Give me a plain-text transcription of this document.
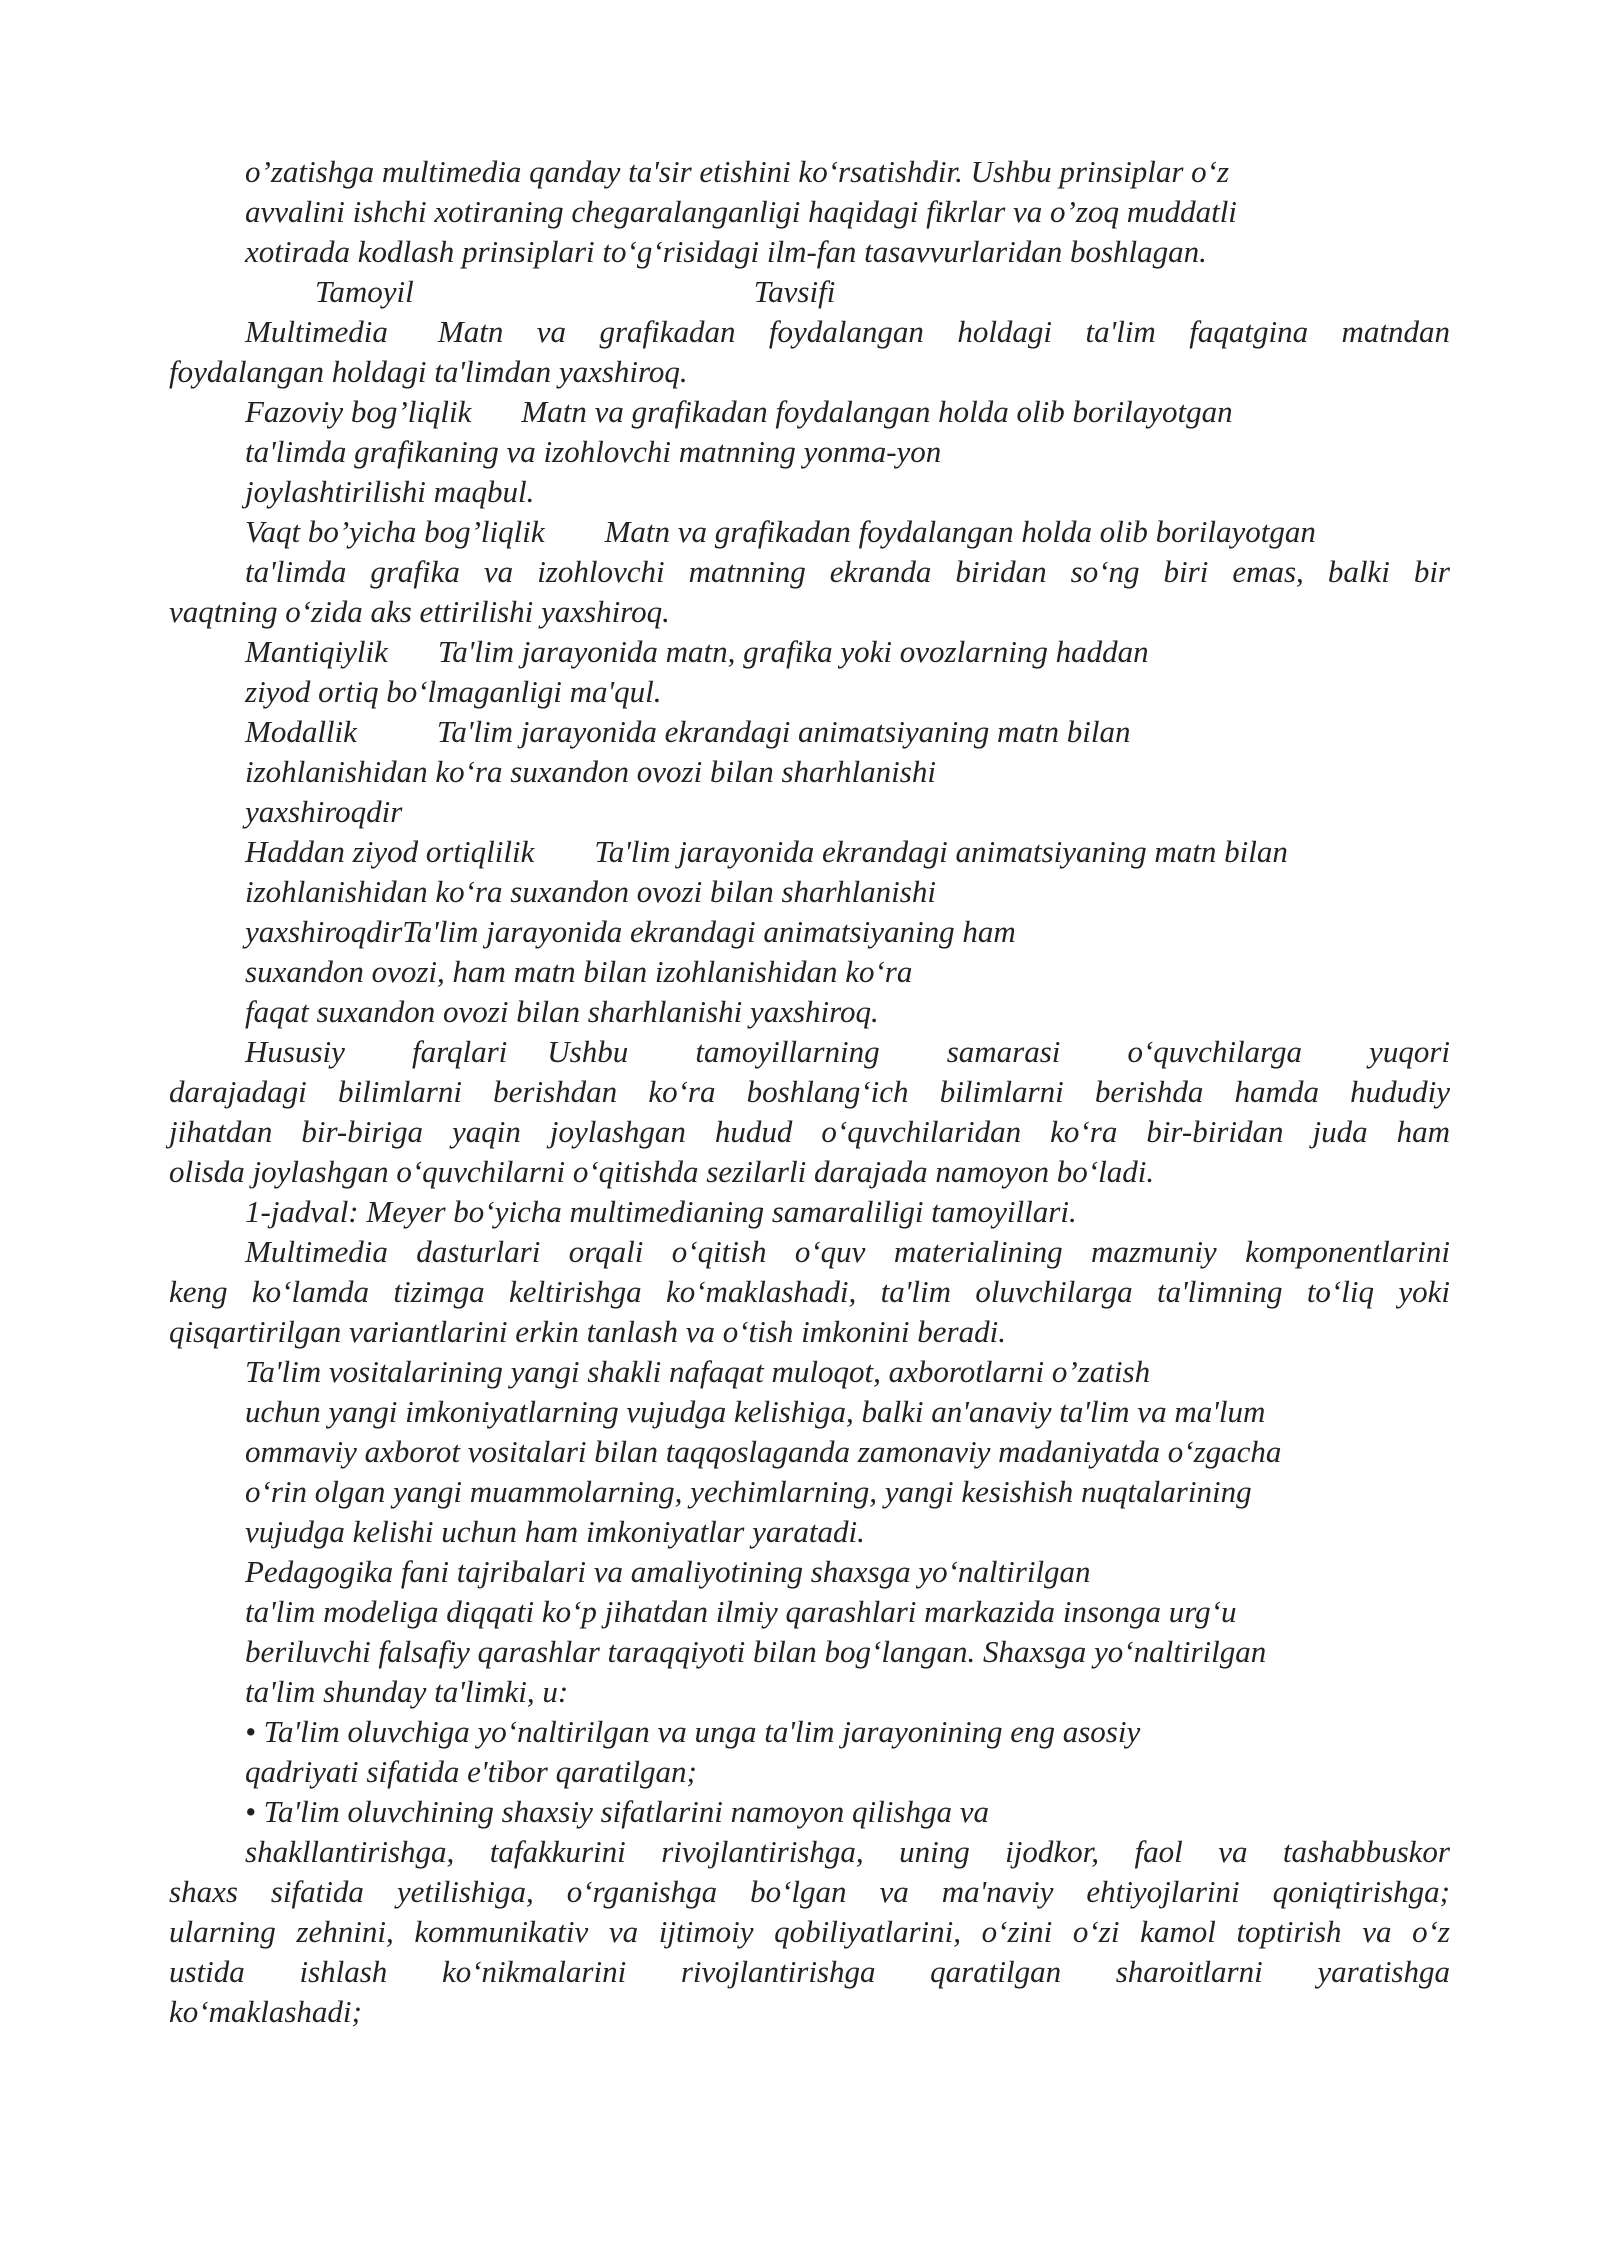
o’zatishga multimedia qanday ta'sir etishini ko‘rsatishdir. Ushbu prinsiplar o‘z
avvalini ishchi xotiraning chegaralanganligi haqidagi fikrlar va o’zoq muddatli
xotirada kodlash prinsiplari to‘g‘risidagi ilm-fan tasavvurlaridan boshlagan.
Tamoyil	Tavsifi
Multimedia Matn va grafikadan foydalangan holdagi ta'lim faqatgina matndan
foydalangan holdagi ta'limdan yaxshiroq.
Fazoviy bog’liqlik Matn va grafikadan foydalangan holda olib borilayotgan
ta'limda grafikaning va izohlovchi matnning yonma-yon
joylashtirilishi maqbul.
Vaqt bo’yicha bog’liqlik Matn va grafikadan foydalangan holda olib borilayotgan
ta'limda grafika va izohlovchi matnning ekranda biridan so‘ng biri emas, balki bir
vaqtning o‘zida aks ettirilishi yaxshiroq.
Mantiqiylik Ta'lim jarayonida matn, grafika yoki ovozlarning haddan
ziyod ortiq bo‘lmaganligi ma'qul.
Modallik	Ta'lim jarayonida ekrandagi animatsiyaning matn bilan
izohlanishidan ko‘ra suxandon ovozi bilan sharhlanishi
yaxshiroqdir
Haddan ziyod ortiqlilik Ta'lim jarayonida ekrandagi animatsiyaning matn bilan
izohlanishidan ko‘ra suxandon ovozi bilan sharhlanishi
yaxshiroqdirTa'lim jarayonida ekrandagi animatsiyaning ham
suxandon ovozi, ham matn bilan izohlanishidan ko‘ra
faqat suxandon ovozi bilan sharhlanishi yaxshiroq.
Hususiy farqlari Ushbu tamoyillarning samarasi o‘quvchilarga yuqori
darajadagi bilimlarni berishdan ko‘ra boshlang‘ich bilimlarni berishda hamda hududiy
jihatdan bir-biriga yaqin joylashgan hudud o‘quvchilaridan ko‘ra bir-biridan juda ham
olisda joylashgan o‘quvchilarni o‘qitishda sezilarli darajada namoyon bo‘ladi.
1-jadval: Meyer bo‘yicha multimedianing samaraliligi tamoyillari.
Multimedia dasturlari orqali o‘qitish o‘quv materialining mazmuniy komponentlarini
keng ko‘lamda tizimga keltirishga ko‘maklashadi, ta'lim oluvchilarga ta'limning to‘liq yoki
qisqartirilgan variantlarini erkin tanlash va o‘tish imkonini beradi.
Ta'lim vositalarining yangi shakli nafaqat muloqot, axborotlarni o’zatish
uchun yangi imkoniyatlarning vujudga kelishiga, balki an'anaviy ta'lim va ma'lum
ommaviy axborot vositalari bilan taqqoslaganda zamonaviy madaniyatda o‘zgacha
o‘rin olgan yangi muammolarning, yechimlarning, yangi kesishish nuqtalarining
vujudga kelishi uchun ham imkoniyatlar yaratadi.
Pedagogika fani tajribalari va amaliyotining shaxsga yo‘naltirilgan
ta'lim modeliga diqqati ko‘p jihatdan ilmiy qarashlari markazida insonga urg‘u
beriluvchi falsafiy qarashlar taraqqiyoti bilan bog‘langan. Shaxsga yo‘naltirilgan
ta'lim shunday ta'limki, u:
• Ta'lim oluvchiga yo‘naltirilgan va unga ta'lim jarayonining eng asosiy
qadriyati sifatida e'tibor qaratilgan;
• Ta'lim oluvchining shaxsiy sifatlarini namoyon qilishga va
shakllantirishga, tafakkurini rivojlantirishga, uning ijodkor, faol va tashabbuskor
shaxs sifatida yetilishiga, o‘rganishga bo‘lgan va ma'naviy ehtiyojlarini qoniqtirishga;
ularning zehnini, kommunikativ va ijtimoiy qobiliyatlarini, o‘zini o‘zi kamol toptirish va o‘z
ustida ishlash ko‘nikmalarini rivojlantirishga qaratilgan sharoitlarni yaratishga
ko‘maklashadi;
